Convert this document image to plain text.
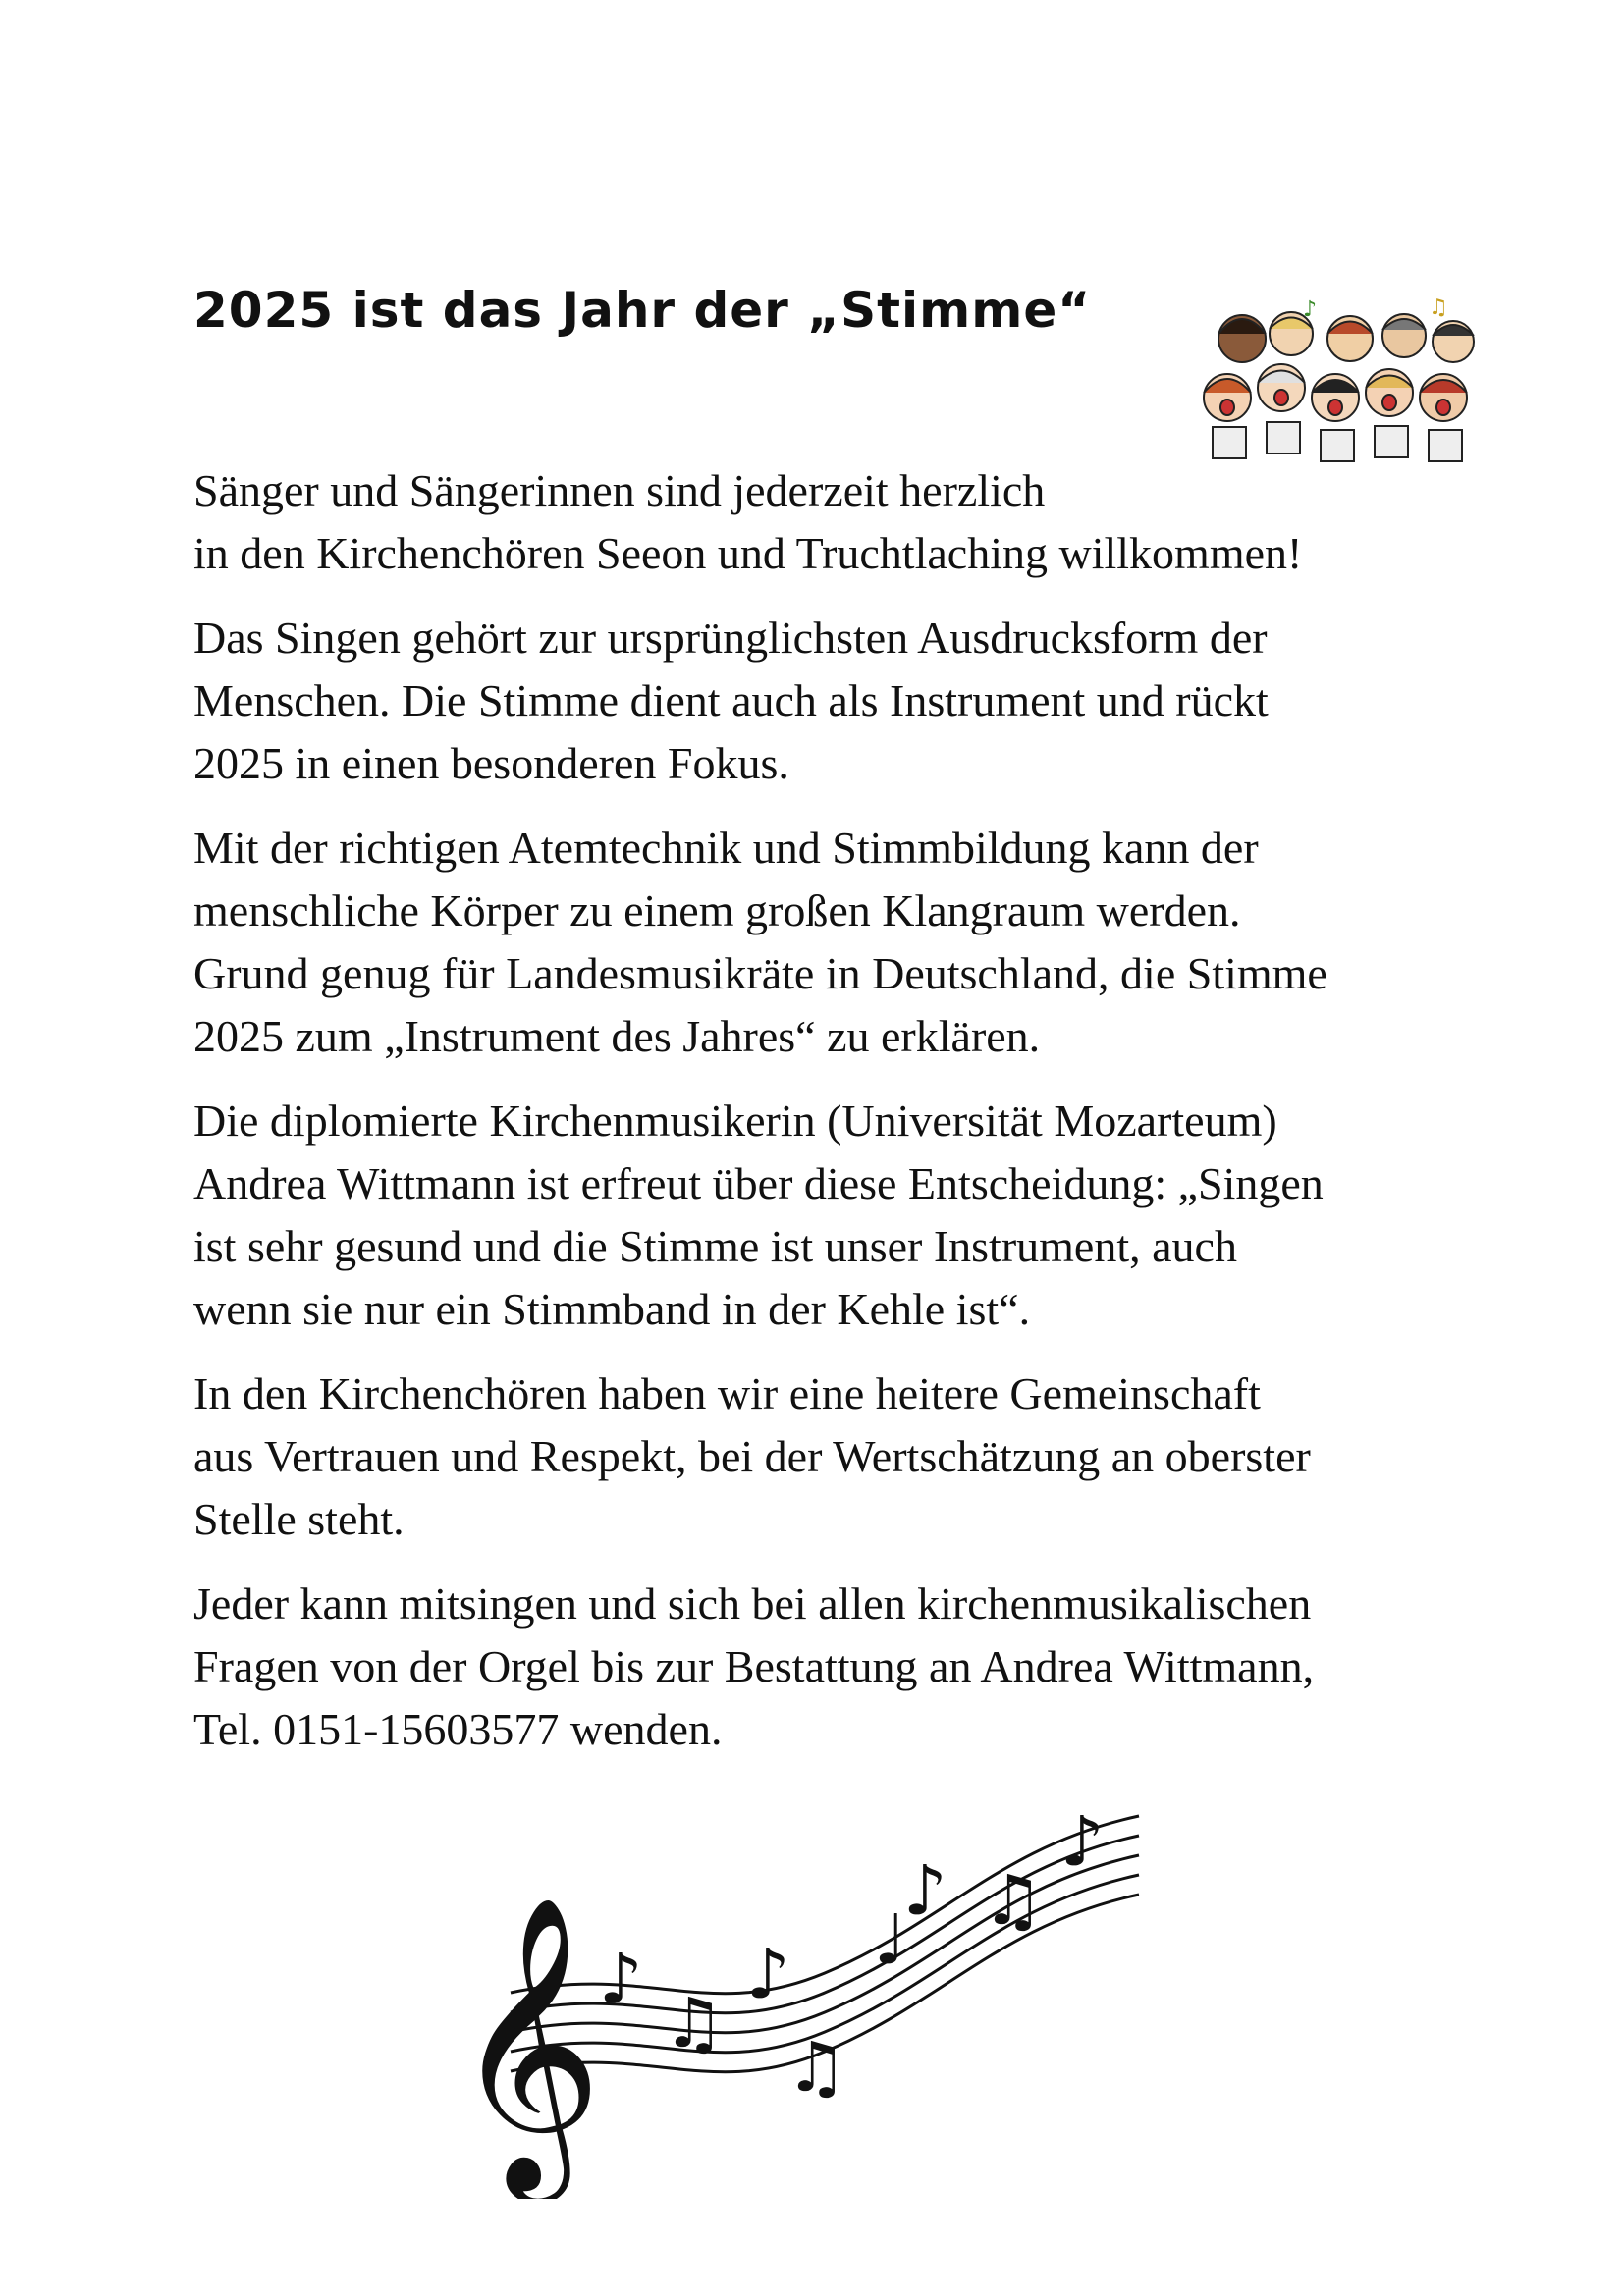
2025 ist das Jahr der „Stimme“	♪	♫

Sänger und Sängerinnen sind jederzeit herzlich
in den Kirchenchören Seeon und Truchtlaching willkommen!

Das Singen gehört zur ursprünglichsten Ausdrucksform der
Menschen. Die Stimme dient auch als Instrument und rückt
2025 in einen besonderen Fokus.

Mit der richtigen Atemtechnik und Stimmbildung kann der
menschliche Körper zu einem großen Klangraum werden.
Grund genug für Landesmusikräte in Deutschland, die Stimme
2025 zum „Instrument des Jahres“ zu erklären.

Die diplomierte Kirchenmusikerin (Universität Mozarteum)
Andrea Wittmann ist erfreut über diese Entscheidung: „Singen
ist sehr gesund und die Stimme ist unser Instrument, auch
wenn sie nur ein Stimmband in der Kehle ist“.

In den Kirchenchören haben wir eine heitere Gemeinschaft
aus Vertrauen und Respekt, bei der Wertschätzung an oberster
Stelle steht.

Jeder kann mitsingen und sich bei allen kirchenmusikalischen
Fragen von der Orgel bis zur Bestattung an Andrea Wittmann,
Tel. 0151-15603577 wenden.

𝄞
♪
♫
♪
♫
♩
♪ ♫
♪
